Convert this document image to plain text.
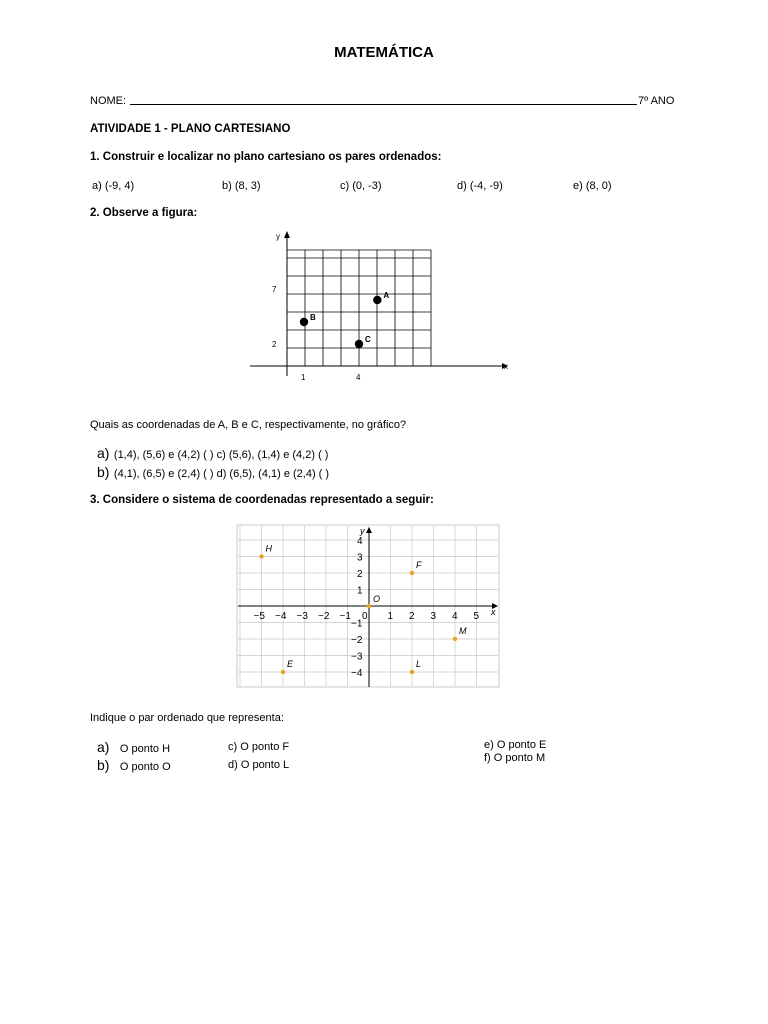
MATEMÁTICA
NOME:	7º ANO
ATIVIDADE 1 - PLANO CARTESIANO
1. Construir e localizar no plano cartesiano os pares ordenados:
a) (-9, 4)	b) (8, 3)	c) (0, -3)	d) (-4, -9)	e) (8, 0)
2. Observe a figura:
y
x
1	4
7
2
A
B
C
Quais as coordenadas de A, B e C, respectivamente, no gráfico?
a) (1,4), (5,6) e (4,2) ( ) c) (5,6), (1,4) e (4,2) ( )
b) (4,1), (6,5) e (2,4) ( ) d) (6,5), (4,1) e (2,4) ( )
3. Considere o sistema de coordenadas representado a seguir:
y
x
−5 −4 −3 −2 −1 0 1 2 3 4 5
4
3
2
1
−1
−2
−3
−4
H
F
O
M
E	L
Indique o par ordenado que representa:
a) O ponto H
b) O ponto O
c) O ponto F
d) O ponto L
e) O ponto E
f) O ponto M
